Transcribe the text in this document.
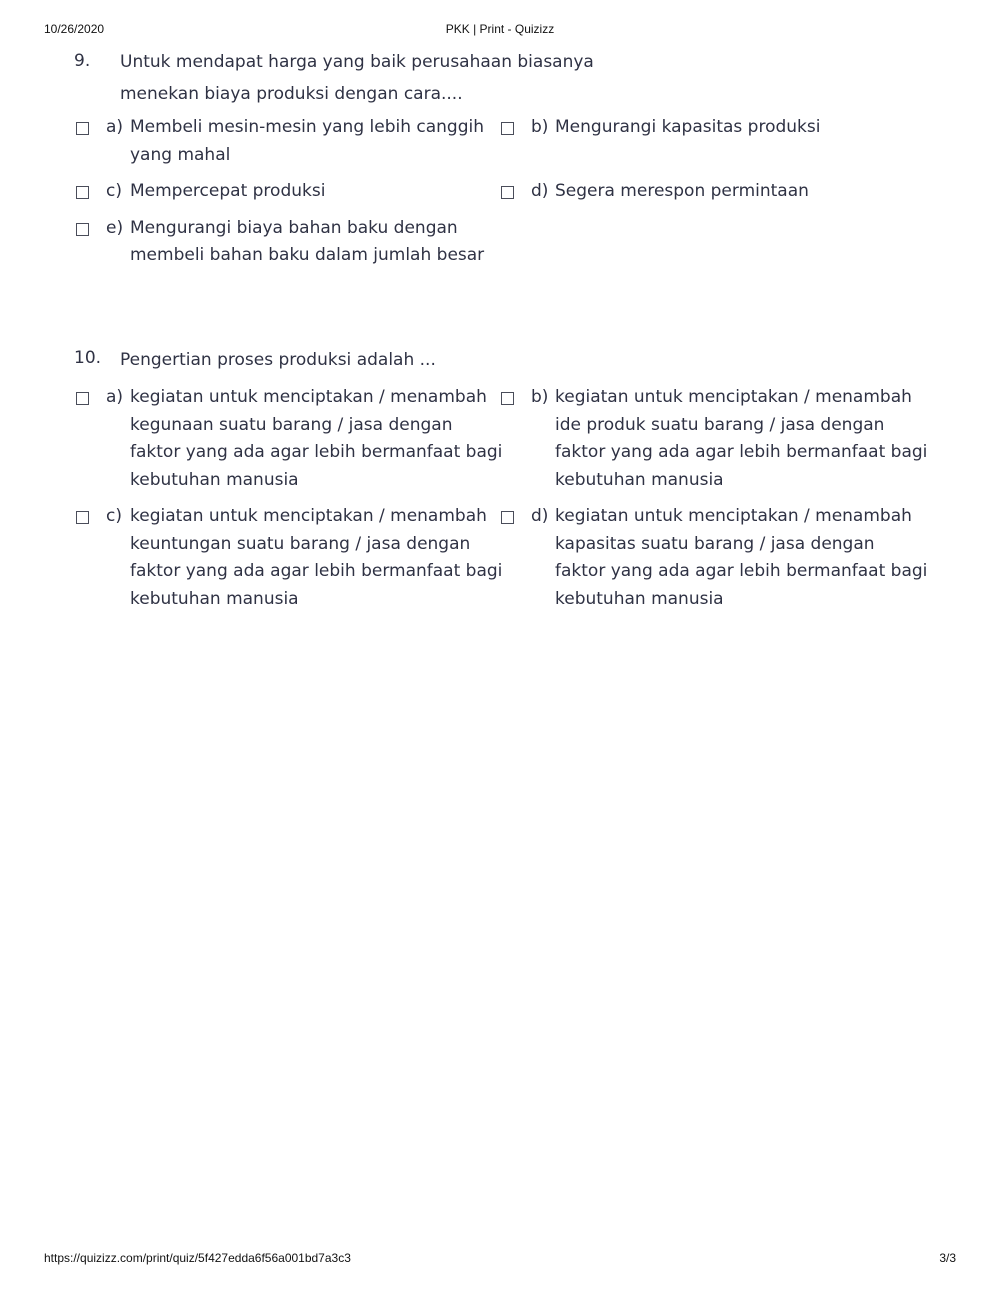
10/26/2020	PKK | Print - Quizizz
9.	Untuk mendapat harga yang baik perusahaan biasanya
menekan biaya produksi dengan cara....
a) Membeli mesin-mesin yang lebih canggih
yang mahal
b) Mengurangi kapasitas produksi
c) Mempercepat produksi	d) Segera merespon permintaan
e) Mengurangi biaya bahan baku dengan
membeli bahan baku dalam jumlah besar
10.	Pengertian proses produksi adalah ...
a) kegiatan untuk menciptakan / menambah
kegunaan suatu barang / jasa dengan
faktor yang ada agar lebih bermanfaat bagi
kebutuhan manusia
b) kegiatan untuk menciptakan / menambah
ide produk suatu barang / jasa dengan
faktor yang ada agar lebih bermanfaat bagi
kebutuhan manusia
c) kegiatan untuk menciptakan / menambah
keuntungan suatu barang / jasa dengan
faktor yang ada agar lebih bermanfaat bagi
kebutuhan manusia
d) kegiatan untuk menciptakan / menambah
kapasitas suatu barang / jasa dengan
faktor yang ada agar lebih bermanfaat bagi
kebutuhan manusia
https://quizizz.com/print/quiz/5f427edda6f56a001bd7a3c3	3/3
